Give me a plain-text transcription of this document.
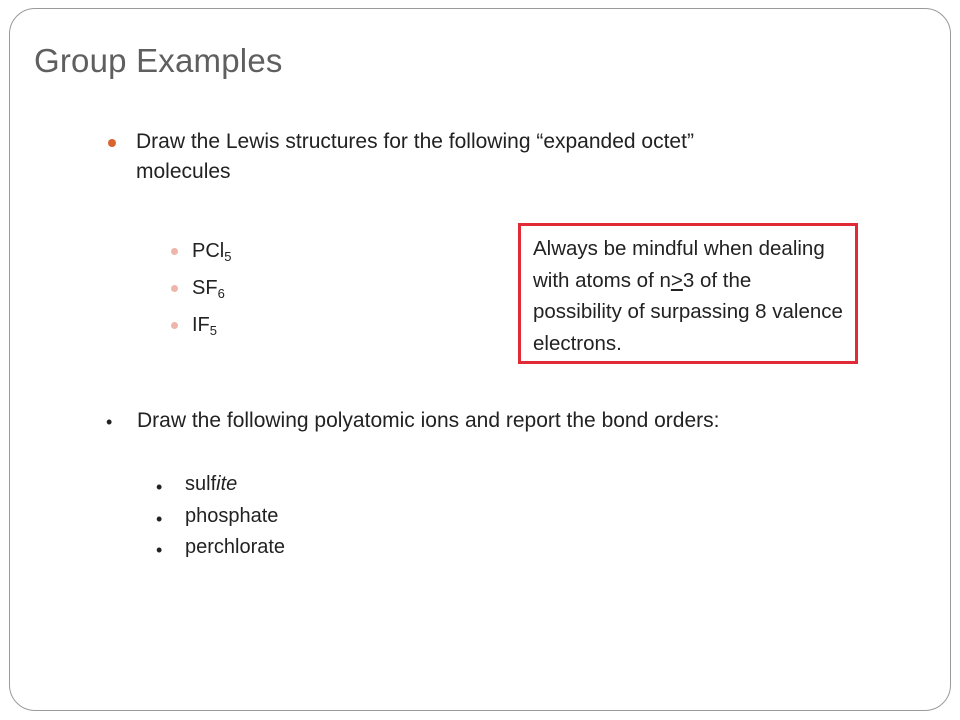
Group Examples

Draw the Lewis structures for the following “expanded octet”
molecules

PCl$_5$
$SF_6$
$IF_5$
Always be mindful when dealing with atoms of n>3 of the possibility of surpassing 8 valence electrons.
• Draw the following polyatomic ions and report the bond orders:

• sulfite
• phosphate
• perchlorate
